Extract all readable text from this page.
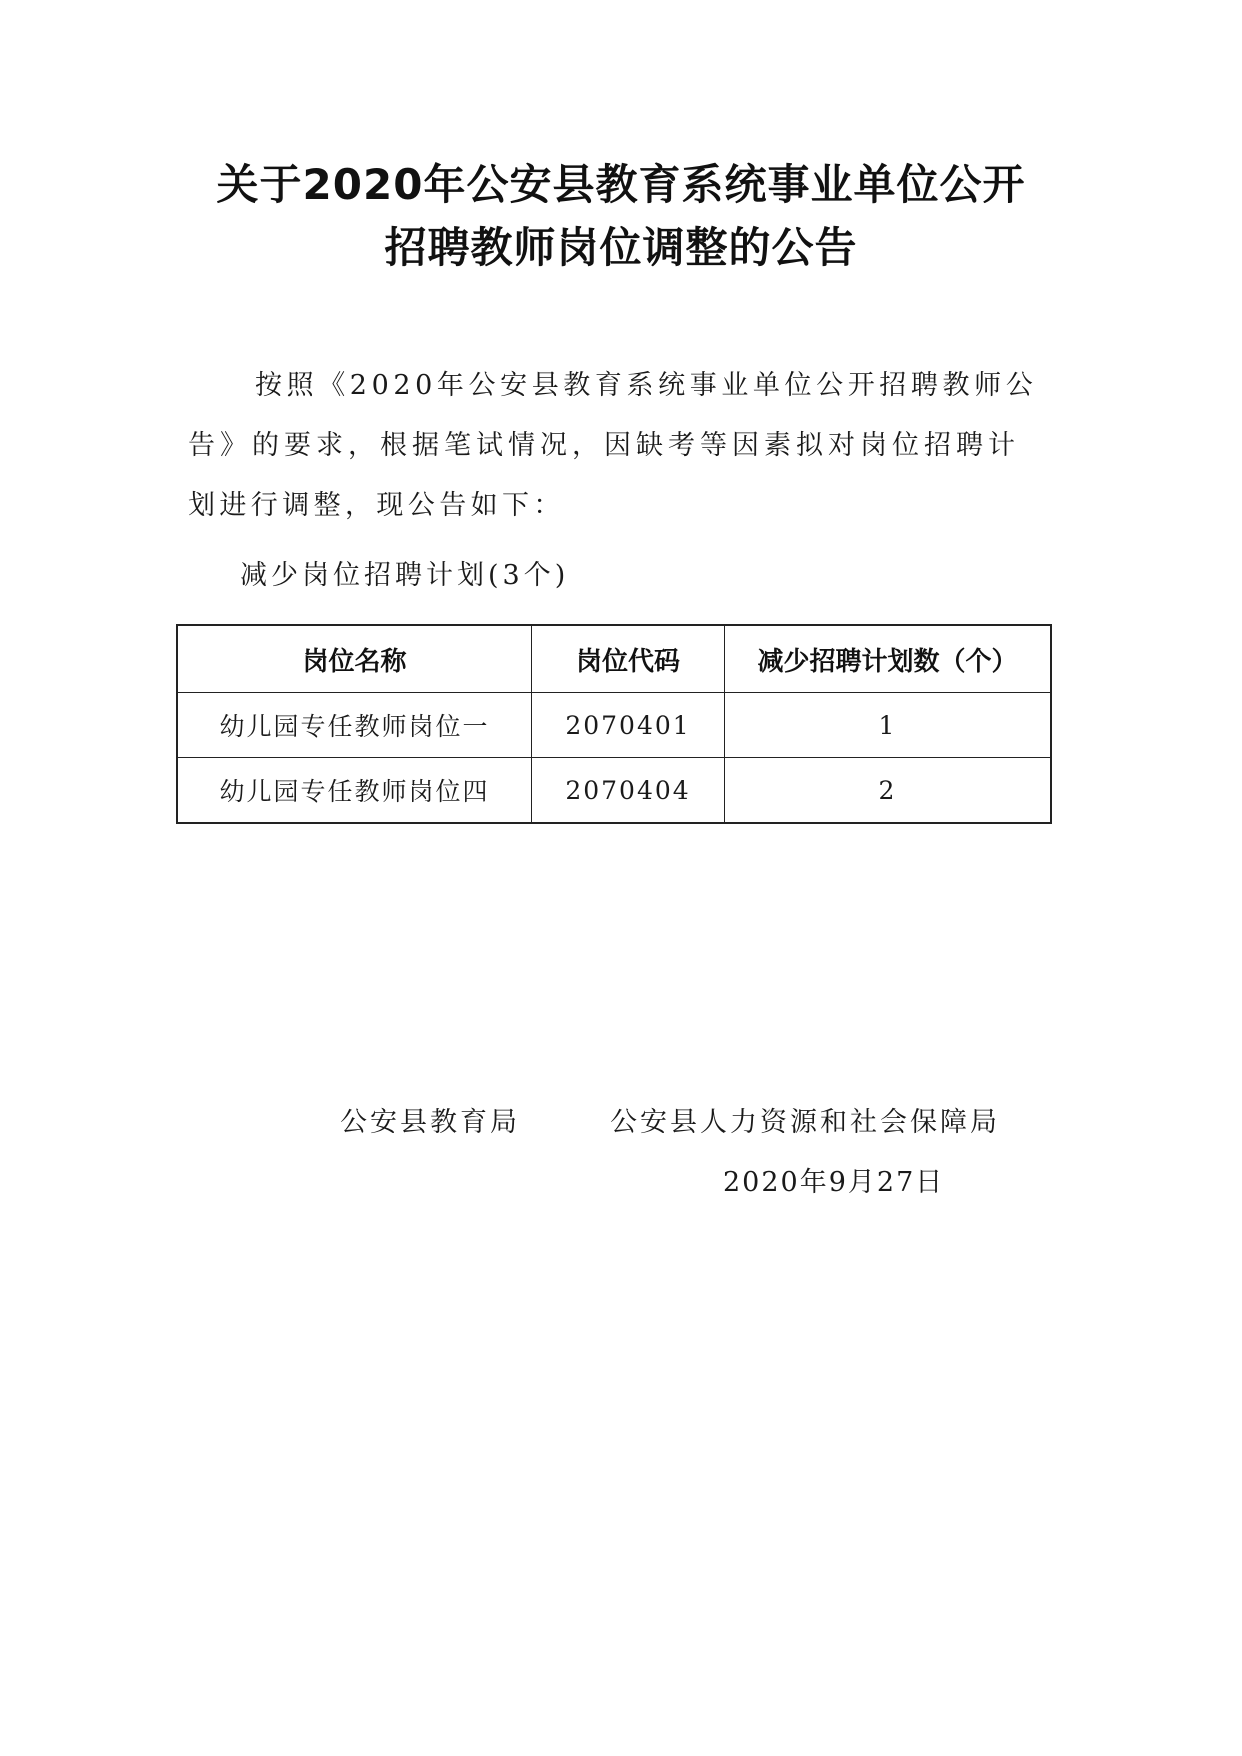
关于2020年公安县教育系统事业单位公开
招聘教师岗位调整的公告
按照《2020年公安县教育系统事业单位公开招聘教师公
告》的要求，根据笔试情况，因缺考等因素拟对岗位招聘计
划进行调整，现公告如下：
减少岗位招聘计划(3个)
岗位名称	岗位代码	减少招聘计划数（个）
幼儿园专任教师岗位一	2070401	1
幼儿园专任教师岗位四	2070404	2
公安县教育局	公安县人力资源和社会保障局
2020年9月27日
